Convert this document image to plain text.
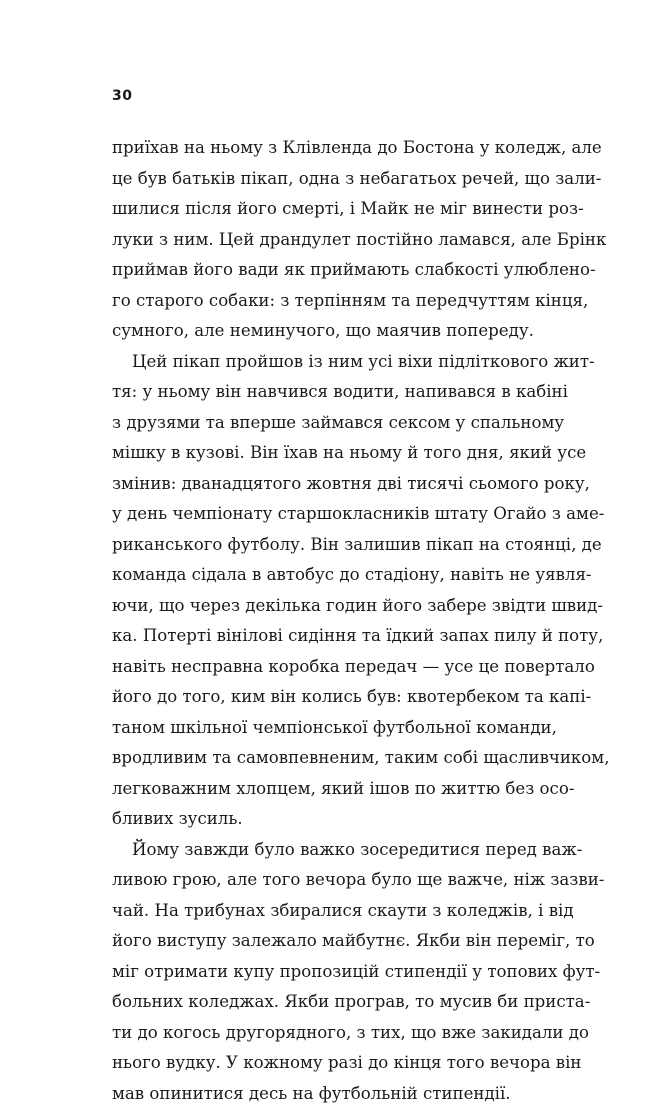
30
приїхав на ньому з Клівленда до Бостона у коледж, але
це був батьків пікап, одна з небагатьох речей, що зали-
шилися після його смерті, і Майк не міг винести роз-
луки з ним. Цей драндулет постійно ламався, але Брінк
приймав його вади як приймають слабкості улюблено-
го старого собаки: з терпінням та передчуттям кінця,
сумного, але неминучого, що маячив попереду.
Цей пікап пройшов із ним усі віхи підліткового жит-
тя: у ньому він навчився водити, напивався в кабіні
з друзями та вперше займався сексом у спальному
мішку в кузові. Він їхав на ньому й того дня, який усе
змінив: дванадцятого жовтня дві тисячі сьомого року,
у день чемпіонату старшокласників штату Огайо з аме-
риканського футболу. Він залишив пікап на стоянці, де
команда сідала в автобус до стадіону, навіть не уявля-
ючи, що через декілька годин його забере звідти швид-
ка. Потерті вінілові сидіння та їдкий запах пилу й поту,
навіть несправна коробка передач — усе це повертало
його до того, ким він колись був: квотербеком та капі-
таном шкільної чемпіонської футбольної команди,
вродливим та самовпевненим, таким собі щасливчиком,
легковажним хлопцем, який ішов по життю без осо-
бливих зусиль.
Йому завжди було важко зосередитися перед важ-
ливою грою, але того вечора було ще важче, ніж зазви-
чай. На трибунах збиралися скаути з коледжів, і від
його виступу залежало майбутнє. Якби він переміг, то
міг отримати купу пропозицій стипендії у топових фут-
больних коледжах. Якби програв, то мусив би приста-
ти до когось другорядного, з тих, що вже закидали до
нього вудку. У кожному разі до кінця того вечора він
мав опинитися десь на футбольній стипендії.
